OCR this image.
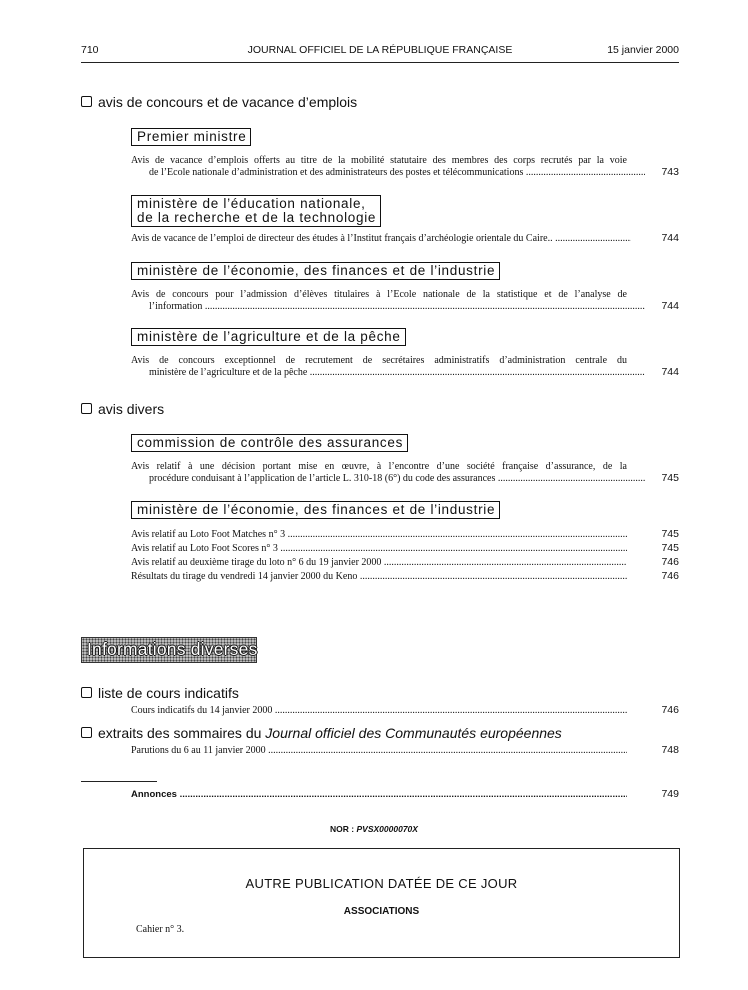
710	JOURNAL OFFICIEL DE LA RÉPUBLIQUE FRANÇAISE	15 janvier 2000
avis de concours et de vacance d’emplois
Premier ministre
Avis de vacance d’emplois offerts au titre de la mobilité statutaire des membres des corps recrutés par la voie
de l’Ecole nationale d’administration et des administrateurs des postes et télécommunications .....	743
ministère de l’éducation nationale,
de la recherche et de la technologie
Avis de vacance de l’emploi de directeur des études à l’Institut français d’archéologie orientale du Caire.. .....	744
ministère de l’économie, des finances et de l’industrie
Avis de concours pour l’admission d’élèves titulaires à l’Ecole nationale de la statistique et de l’analyse de
l’information .....	744
ministère de l’agriculture et de la pêche
Avis de concours exceptionnel de recrutement de secrétaires administratifs d’administration centrale du
ministère de l’agriculture et de la pêche .....	744
avis divers
commission de contrôle des assurances
Avis relatif à une décision portant mise en œuvre, à l’encontre d’une société française d’assurance, de la
procédure conduisant à l’application de l’article L. 310-18 (6°) du code des assurances .....	745
ministère de l’économie, des finances et de l’industrie
Avis relatif au Loto Foot Matches n° 3 .....	745
Avis relatif au Loto Foot Scores n° 3 .....	745
Avis relatif au deuxième tirage du loto n° 6 du 19 janvier 2000 .....	746
Résultats du tirage du vendredi 14 janvier 2000 du Keno .....	746
Informations diverses
liste de cours indicatifs
Cours indicatifs du 14 janvier 2000 .....	746
extraits des sommaires du Journal officiel des Communautés européennes
Parutions du 6 au 11 janvier 2000 .....	748
Annonces .....	749
NOR : PVSX0000070X
AUTRE PUBLICATION DATÉE DE CE JOUR
ASSOCIATIONS
Cahier n° 3.
